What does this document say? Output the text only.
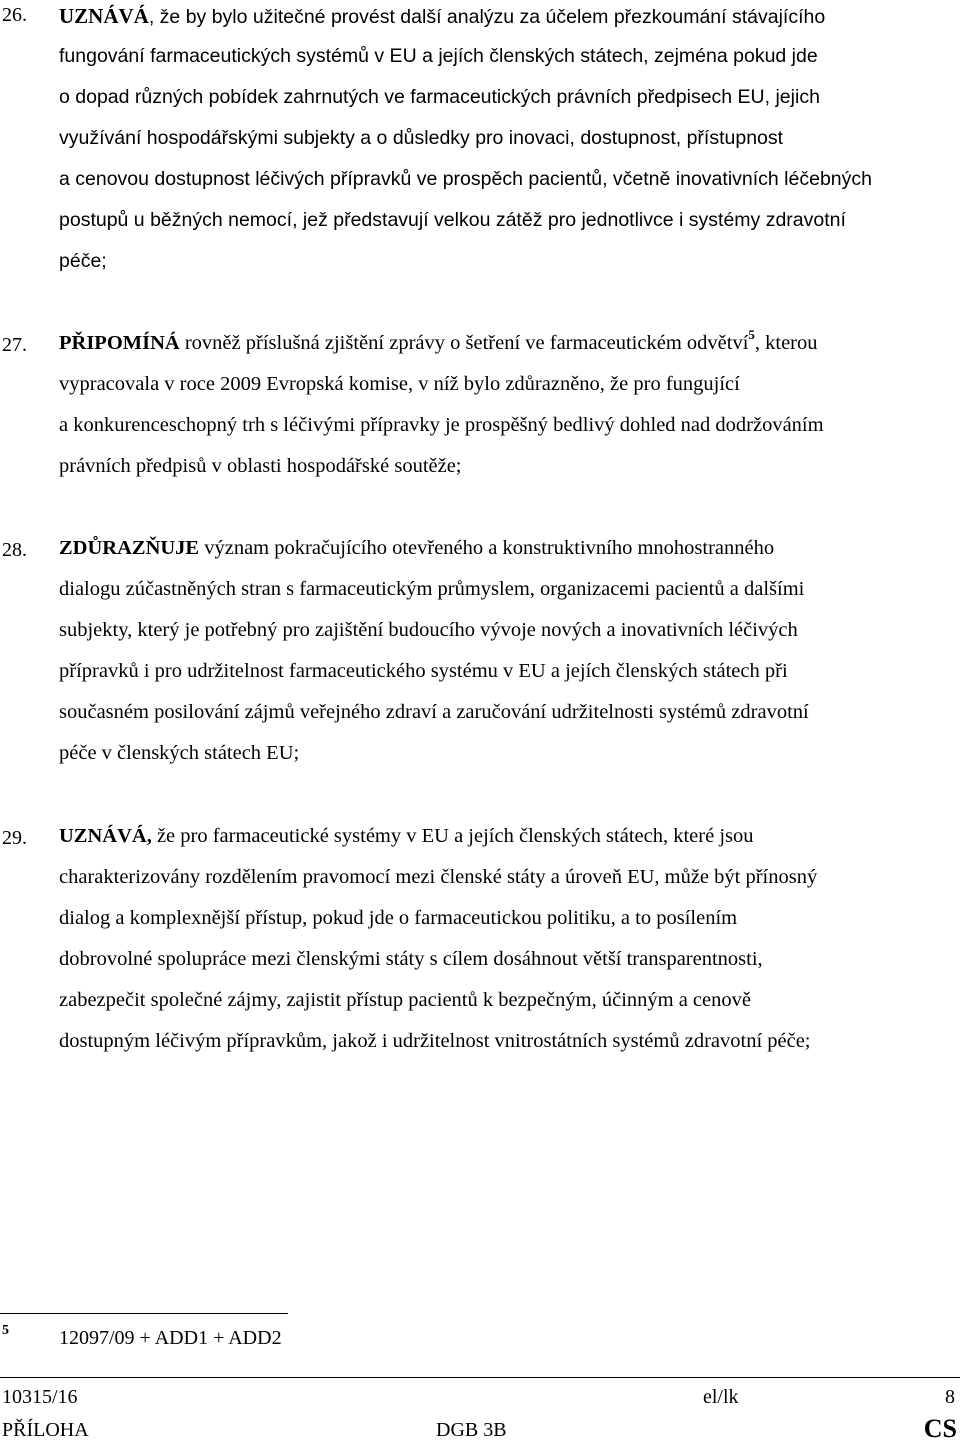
26. UZNÁVÁ, že by bylo užitečné provést další analýzu za účelem přezkoumání stávajícího
fungování farmaceutických systémů v EU a jejích členských státech, zejména pokud jde
o dopad různých pobídek zahrnutých ve farmaceutických právních předpisech EU, jejich
využívání hospodářskými subjekty a o důsledky pro inovaci, dostupnost, přístupnost
a cenovou dostupnost léčivých přípravků ve prospěch pacientů, včetně inovativních léčebných
postupů u běžných nemocí, jež představují velkou zátěž pro jednotlivce i systémy zdravotní
péče;
27. PŘIPOMÍNÁ rovněž příslušná zjištění zprávy o šetření ve farmaceutickém odvětví$^5$, kterou
vypracovala v roce 2009 Evropská komise, v níž bylo zdůrazněno, že pro fungující
a konkurenceschopný trh s léčivými přípravky je prospěšný bedlivý dohled nad dodržováním
právních předpisů v oblasti hospodářské soutěže;
28. ZDŮRAZŇUJE význam pokračujícího otevřeného a konstruktivního mnohostranného
dialogu zúčastněných stran s farmaceutickým průmyslem, organizacemi pacientů a dalšími
subjekty, který je potřebný pro zajištění budoucího vývoje nových a inovativních léčivých
přípravků i pro udržitelnost farmaceutického systému v EU a jejích členských státech při
současném posilování zájmů veřejného zdraví a zaručování udržitelnosti systémů zdravotní
péče v členských státech EU;
29. UZNÁVÁ, že pro farmaceutické systémy v EU a jejích členských státech, které jsou
charakterizovány rozdělením pravomocí mezi členské státy a úroveň EU, může být přínosný
dialog a komplexnější přístup, pokud jde o farmaceutickou politiku, a to posílením
dobrovolné spolupráce mezi členskými státy s cílem dosáhnout větší transparentnosti,
zabezpečit společné zájmy, zajistit přístup pacientů k bezpečným, účinným a cenově
dostupným léčivým přípravkům, jakož i udržitelnost vnitrostátních systémů zdravotní péče;
5	12097/09 + ADD1 + ADD2
10315/16	el/lk	8
PŘÍLOHA	DGB 3B	CS
